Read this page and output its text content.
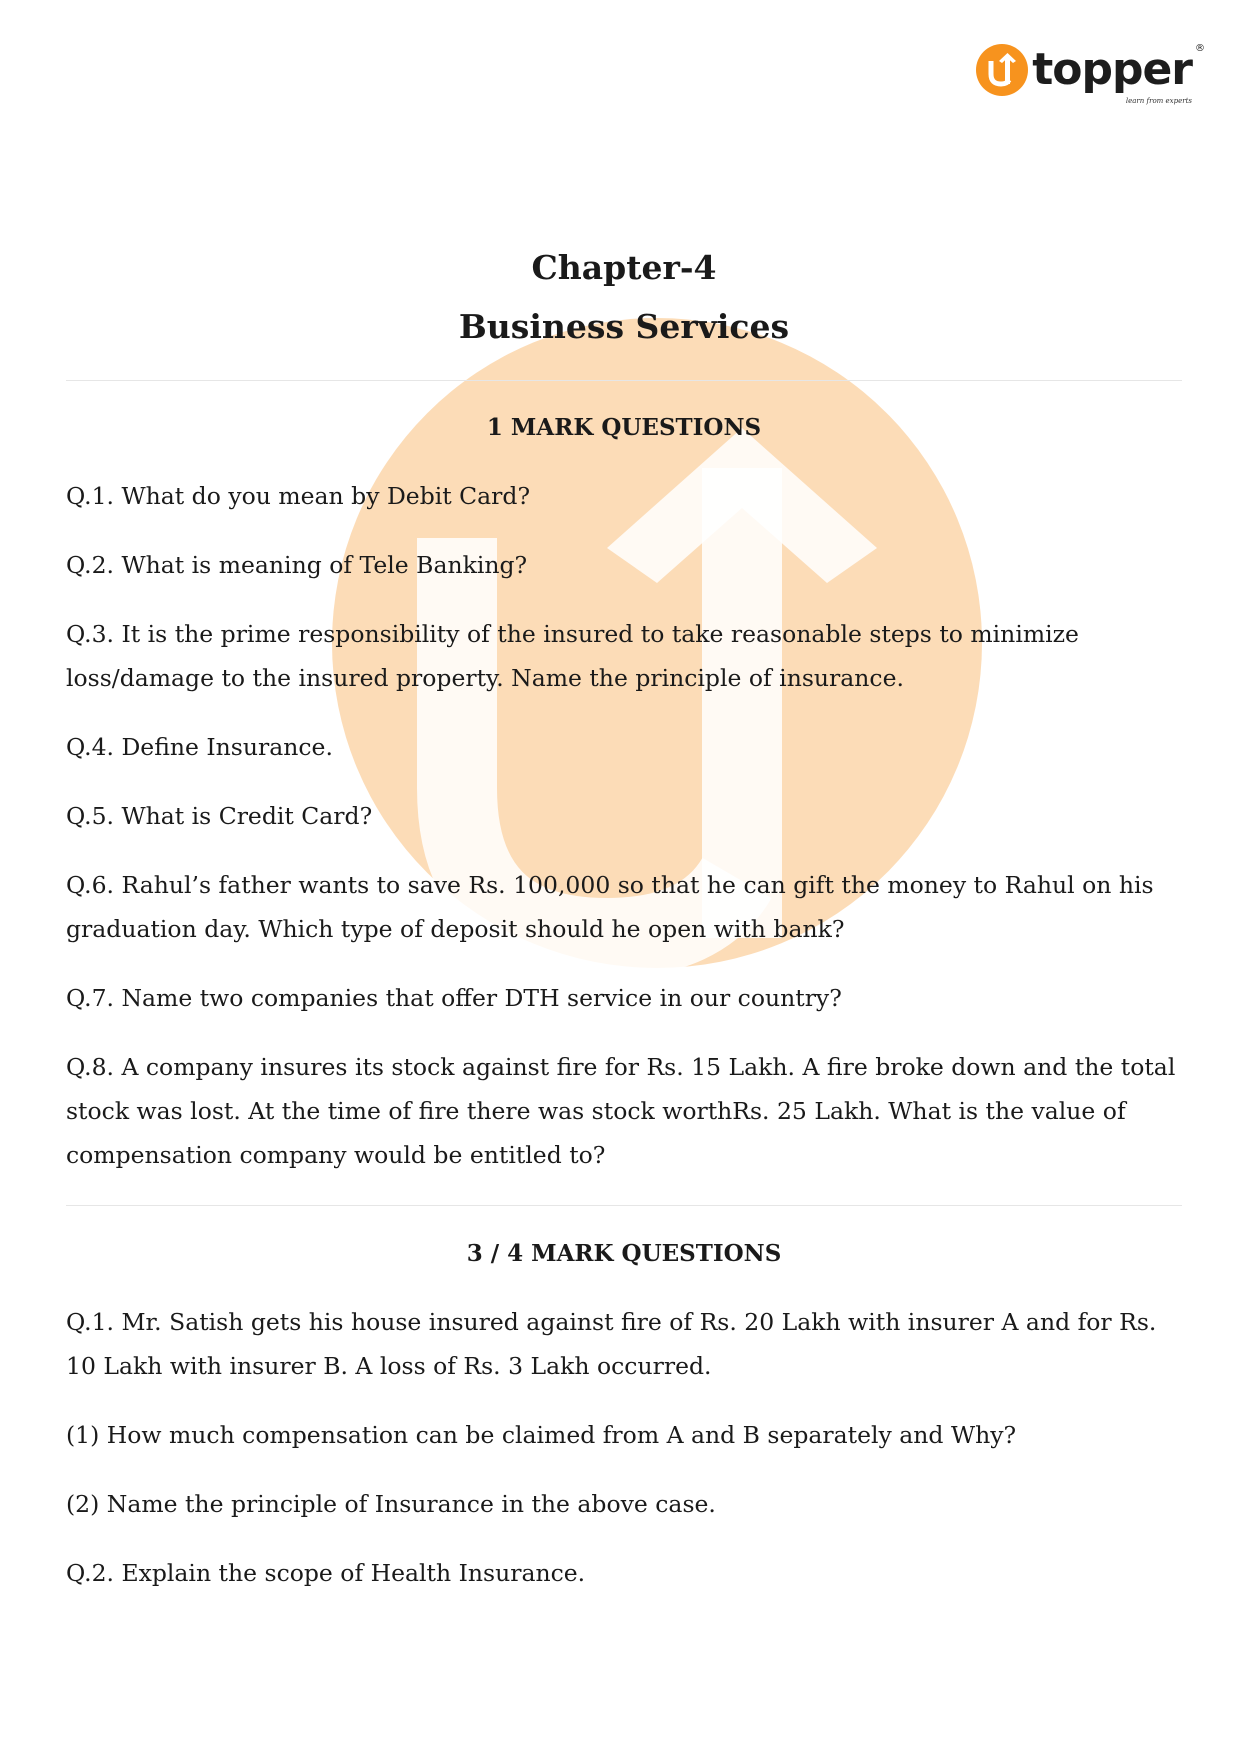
topper ®
learn from experts
Chapter-4
Business Services
1 MARK QUESTIONS

Q.1. What do you mean by Debit Card?

Q.2. What is meaning of Tele Banking?

Q.3. It is the prime responsibility of the insured to take reasonable steps to minimize loss/damage to the insured property. Name the principle of insurance.

Q.4. Define Insurance.

Q.5. What is Credit Card?

Q.6. Rahul’s father wants to save Rs. 100,000 so that he can gift the money to Rahul on his graduation day. Which type of deposit should he open with bank?

Q.7. Name two companies that offer DTH service in our country?

Q.8. A company insures its stock against fire for Rs. 15 Lakh. A fire broke down and the total stock was lost. At the time of fire there was stock worthRs. 25 Lakh. What is the value of compensation company would be entitled to?

3 / 4 MARK QUESTIONS

Q.1. Mr. Satish gets his house insured against fire of Rs. 20 Lakh with insurer A and for Rs. 10 Lakh with insurer B. A loss of Rs. 3 Lakh occurred.

(1) How much compensation can be claimed from A and B separately and Why?

(2) Name the principle of Insurance in the above case.

Q.2. Explain the scope of Health Insurance.
